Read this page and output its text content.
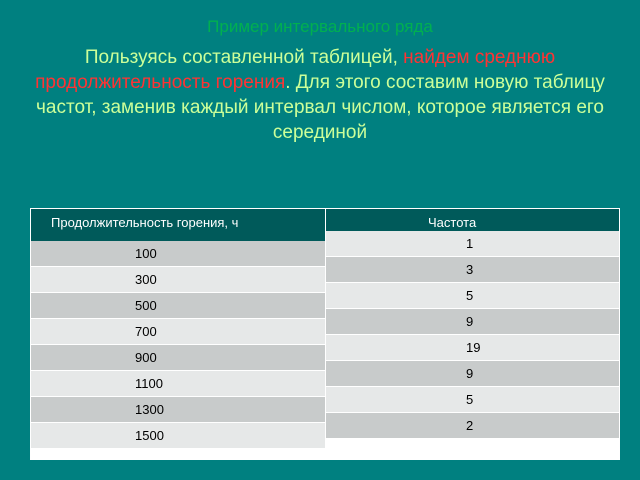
Пример интервального ряда
Пользуясь составленной таблицей, найдем среднюю продолжительность горения. Для этого составим новую таблицу частот, заменив каждый интервал числом, которое является его серединой
Продолжительность горения, ч	Частота
100
300
500
700
900
1100
1300
1500
1
3
5
9
19
9
5
2
